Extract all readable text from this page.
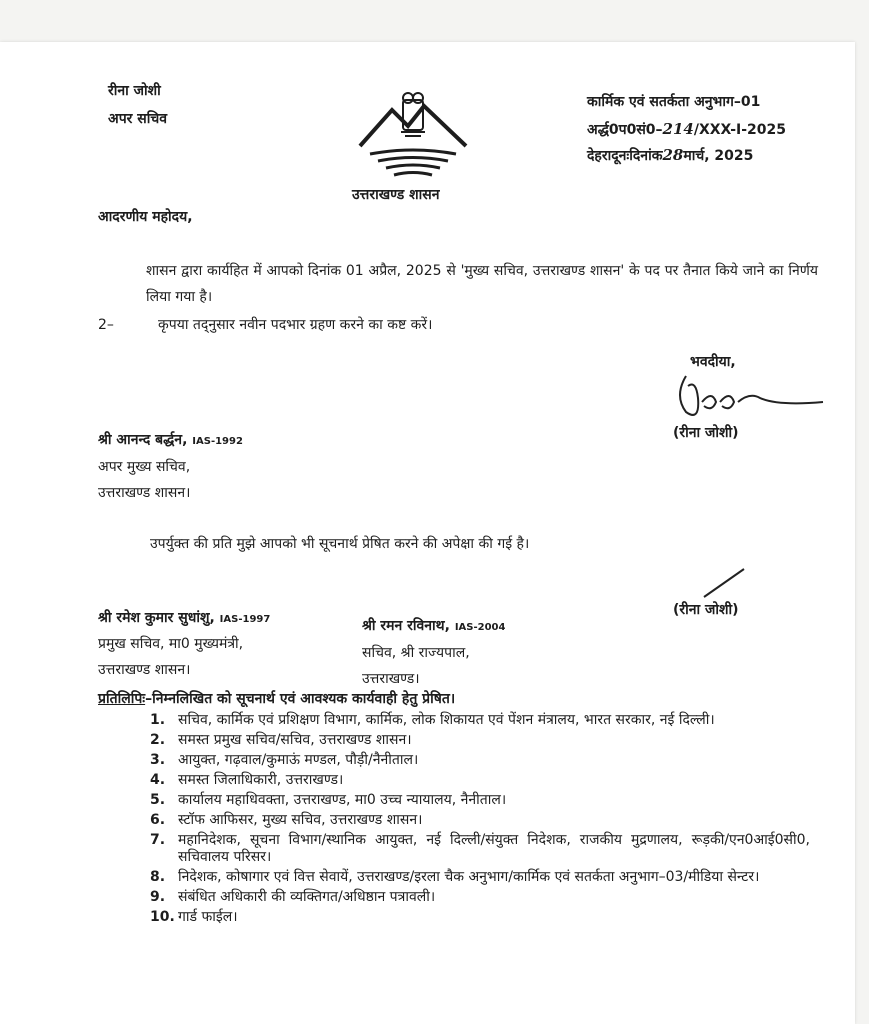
रीना जोशी
अपर सचिव
उत्तराखण्ड शासन
कार्मिक एवं सतर्कता अनुभाग–01
अर्द्ध0प0सं0–214/XXX-I-2025
देहरादूनःदिनांक28मार्च, 2025
आदरणीय महोदय,
शासन द्वारा कार्यहित में आपको दिनांक 01 अप्रैल, 2025 से 'मुख्य सचिव, उत्तराखण्ड शासन' के पद पर तैनात किये जाने का निर्णय लिया गया है।
2–	कृपया तद्नुसार नवीन पदभार ग्रहण करने का कष्ट करें।
भवदीया,
(रीना जोशी)
श्री आनन्द बर्द्धन, IAS-1992
अपर मुख्य सचिव,
उत्तराखण्ड शासन।
उपर्युक्त की प्रति मुझे आपको भी सूचनार्थ प्रेषित करने की अपेक्षा की गई है।
(रीना जोशी)
श्री रमेश कुमार सुधांशु, IAS-1997
प्रमुख सचिव, मा0 मुख्यमंत्री,
उत्तराखण्ड शासन।
श्री रमन रविनाथ, IAS-2004
सचिव, श्री राज्यपाल,
उत्तराखण्ड।
प्रतिलिपिः–निम्नलिखित को सूचनार्थ एवं आवश्यक कार्यवाही हेतु प्रेषित।
1. सचिव, कार्मिक एवं प्रशिक्षण विभाग, कार्मिक, लोक शिकायत एवं पेंशन मंत्रालय, भारत सरकार, नई दिल्ली।
2. समस्त प्रमुख सचिव/सचिव, उत्तराखण्ड शासन।
3. आयुक्त, गढ़वाल/कुमाऊं मण्डल, पौड़ी/नैनीताल।
4. समस्त जिलाधिकारी, उत्तराखण्ड।
5. कार्यालय महाधिवक्ता, उत्तराखण्ड, मा0 उच्च न्यायालय, नैनीताल।
6. स्टॉफ आफिसर, मुख्य सचिव, उत्तराखण्ड शासन।
7. महानिदेशक, सूचना विभाग/स्थानिक आयुक्त, नई दिल्ली/संयुक्त निदेशक, राजकीय मुद्रणालय, रूड़की/एन0आई0सी0, सचिवालय परिसर।
8. निदेशक, कोषागार एवं वित्त सेवायें, उत्तराखण्ड/इरला चैक अनुभाग/कार्मिक एवं सतर्कता अनुभाग–03/मीडिया सेन्टर।
9. संबंधित अधिकारी की व्यक्तिगत/अधिष्ठान पत्रावली।
10. गार्ड फाईल।
